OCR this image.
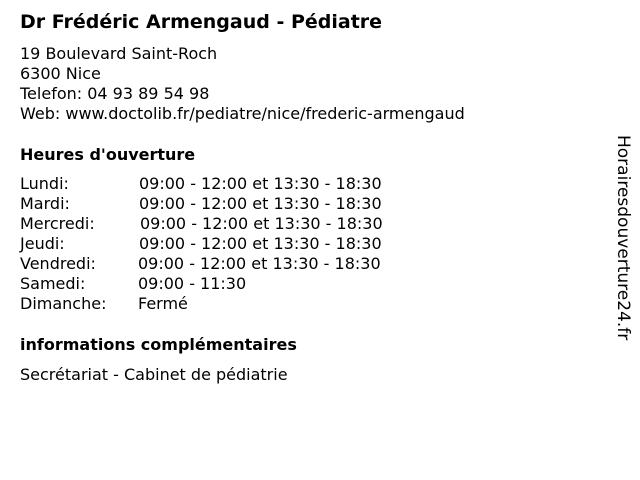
Dr Frédéric Armengaud - Pédiatre
19 Boulevard Saint-Roch
6300 Nice
Telefon: 04 93 89 54 98
Web: www.doctolib.fr/pediatre/nice/frederic-armengaud
Heures d'ouverture
Lundi:	09:00 - 12:00 et 13:30 - 18:30
Mardi:	09:00 - 12:00 et 13:30 - 18:30
Mercredi:	09:00 - 12:00 et 13:30 - 18:30
Jeudi:	09:00 - 12:00 et 13:30 - 18:30
Vendredi:	09:00 - 12:00 et 13:30 - 18:30
Samedi:	09:00 - 11:30
Dimanche: Fermé
informations complémentaires
Secrétariat - Cabinet de pédiatrie
Horairesdouverture24.fr
